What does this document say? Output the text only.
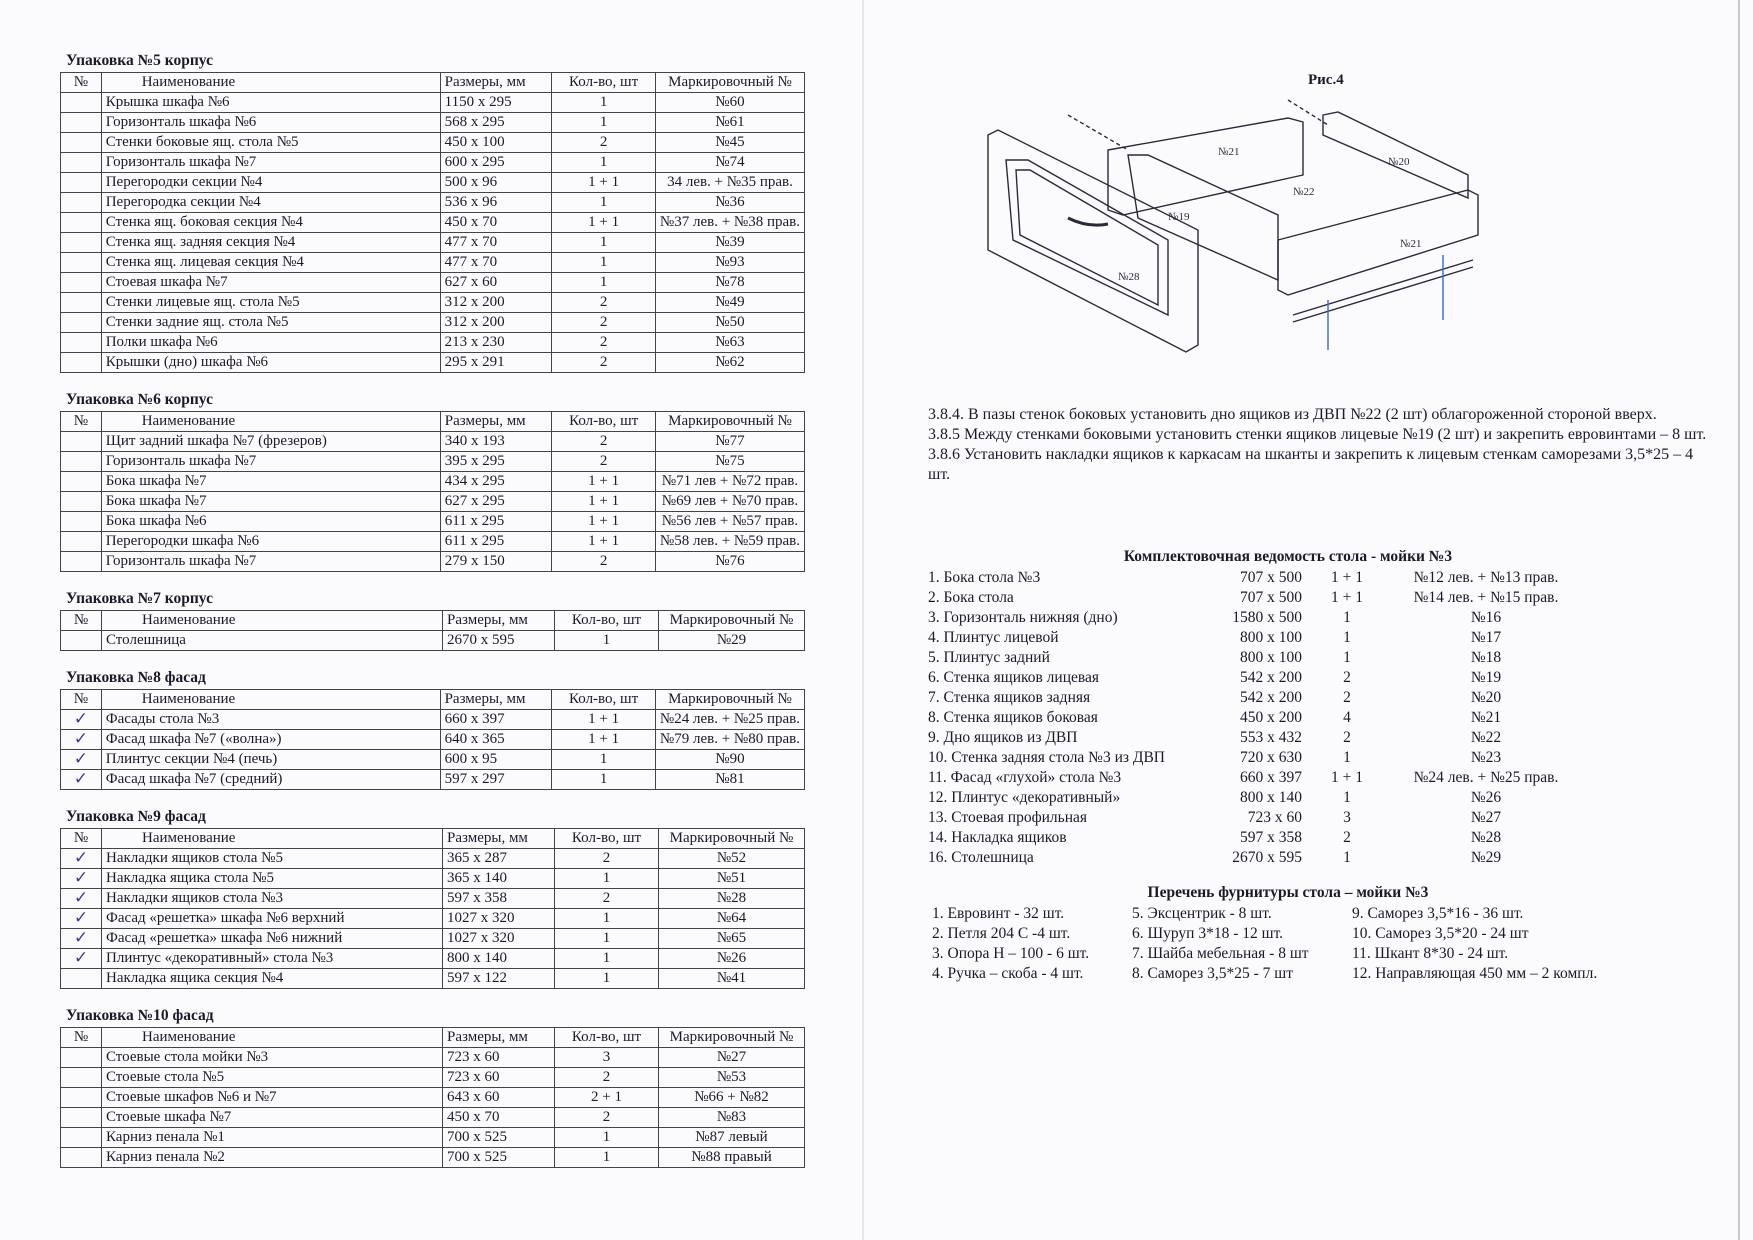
Упаковка №5 корпус
№	Наименование	Размеры, мм	Кол-во, шт	Маркировочный №
	Крышка шкафа №6	1150 x 295	1	№60
	Горизонталь шкафа №6	568 x 295	1	№61
	Стенки боковые ящ. стола №5	450 x 100	2	№45
	Горизонталь шкафа №7	600 x 295	1	№74
	Перегородки секции №4	500 x 96	1 + 1	34 лев. + №35 прав.
	Перегородка секции №4	536 x 96	1	№36
	Стенка ящ. боковая секция №4	450 x 70	1 + 1	№37 лев. + №38 прав.
	Стенка ящ. задняя секция №4	477 x 70	1	№39
	Стенка ящ. лицевая секция №4	477 x 70	1	№93
	Стоевая шкафа №7	627 x 60	1	№78
	Стенки лицевые ящ. стола №5	312 x 200	2	№49
	Стенки задние ящ. стола №5	312 x 200	2	№50
	Полки шкафа №6	213 x 230	2	№63
	Крышки (дно) шкафа №6	295 x 291	2	№62
Упаковка №6 корпус
№	Наименование	Размеры, мм	Кол-во, шт	Маркировочный №
	Щит задний шкафа №7 (фрезеров)	340 x 193	2	№77
	Горизонталь шкафа №7	395 x 295	2	№75
	Бока шкафа №7	434 x 295	1 + 1	№71 лев + №72 прав.
	Бока шкафа №7	627 x 295	1 + 1	№69 лев + №70 прав.
	Бока шкафа №6	611 x 295	1 + 1	№56 лев + №57 прав.
	Перегородки шкафа №6	611 x 295	1 + 1	№58 лев. + №59 прав.
	Горизонталь шкафа №7	279 x 150	2	№76
Упаковка №7 корпус
№	Наименование	Размеры, мм	Кол-во, шт	Маркировочный №
	Столешница	2670 x 595	1	№29
Упаковка №8 фасад
№	Наименование	Размеры, мм	Кол-во, шт	Маркировочный №
✓	Фасады стола №3	660 x 397	1 + 1	№24 лев. + №25 прав.
✓	Фасад шкафа №7 («волна»)	640 x 365	1 + 1	№79 лев. + №80 прав.
✓	Плинтус секции №4 (печь)	600 x 95	1	№90
✓	Фасад шкафа №7 (средний)	597 x 297	1	№81
Упаковка №9 фасад
№	Наименование	Размеры, мм	Кол-во, шт	Маркировочный №
✓	Накладки ящиков стола №5	365 x 287	2	№52
✓	Накладка ящика стола №5	365 x 140	1	№51
✓	Накладки ящиков стола №3	597 x 358	2	№28
✓	Фасад «решетка» шкафа №6 верхний	1027 x 320	1	№64
✓	Фасад «решетка» шкафа №6 нижний	1027 x 320	1	№65
✓	Плинтус «декоративный» стола №3	800 x 140	1	№26
	Накладка ящика секция №4	597 x 122	1	№41
Упаковка №10 фасад
№	Наименование	Размеры, мм	Кол-во, шт	Маркировочный №
	Стоевые стола мойки №3	723 x 60	3	№27
	Стоевые стола №5	723 x 60	2	№53
	Стоевые шкафов №6 и №7	643 x 60	2 + 1	№66 + №82
	Стоевые шкафа №7	450 x 70	2	№83
	Карниз пенала №1	700 x 525	1	№87 левый
	Карниз пенала №2	700 x 525	1	№88 правый
Рис.4
№21
№20
№22
№19
№21
№28

3.8.4. В пазы стенок боковых установить дно ящиков из ДВП №22 (2 шт) облагороженной стороной вверх.

3.8.5 Между стенками боковыми установить стенки ящиков лицевые №19 (2 шт) и закрепить евровинтами – 8 шт.

3.8.6 Установить накладки ящиков к каркасам на шканты и закрепить к лицевым стенкам саморезами 3,5*25 – 4 шт.

Комплектовочная ведомость стола - мойки №3
1. Бока стола №3	707 x 500	1 + 1	№12 лев. + №13 прав.
2. Бока стола	707 x 500	1 + 1	№14 лев. + №15 прав.
3. Горизонталь нижняя (дно)	1580 x 500	1	№16
4. Плинтус лицевой	800 x 100	1	№17
5. Плинтус задний	800 x 100	1	№18
6. Стенка ящиков лицевая	542 x 200	2	№19
7. Стенка ящиков задняя	542 x 200	2	№20
8. Стенка ящиков боковая	450 x 200	4	№21
9. Дно ящиков из ДВП	553 x 432	2	№22
10. Стенка задняя стола №3 из ДВП	720 x 630	1	№23
11. Фасад «глухой» стола №3	660 x 397	1 + 1	№24 лев. + №25 прав.
12. Плинтус «декоративный»	800 x 140	1	№26
13. Стоевая профильная	723 x 60	3	№27
14. Накладка ящиков	597 x 358	2	№28
16. Столешница	2670 x 595	1	№29
Перечень фурнитуры стола – мойки №3
1. Евровинт - 32 шт.	5. Эксцентрик - 8 шт.	9. Саморез 3,5*16 - 36 шт.
2. Петля 204 С -4 шт.	6. Шуруп 3*18 - 12 шт.	10. Саморез 3,5*20 - 24 шт
3. Опора Н – 100 - 6 шт.	7. Шайба мебельная - 8 шт	11. Шкант 8*30 - 24 шт.
4. Ручка – скоба - 4 шт.	8. Саморез 3,5*25 - 7 шт	12. Направляющая 450 мм – 2 компл.
